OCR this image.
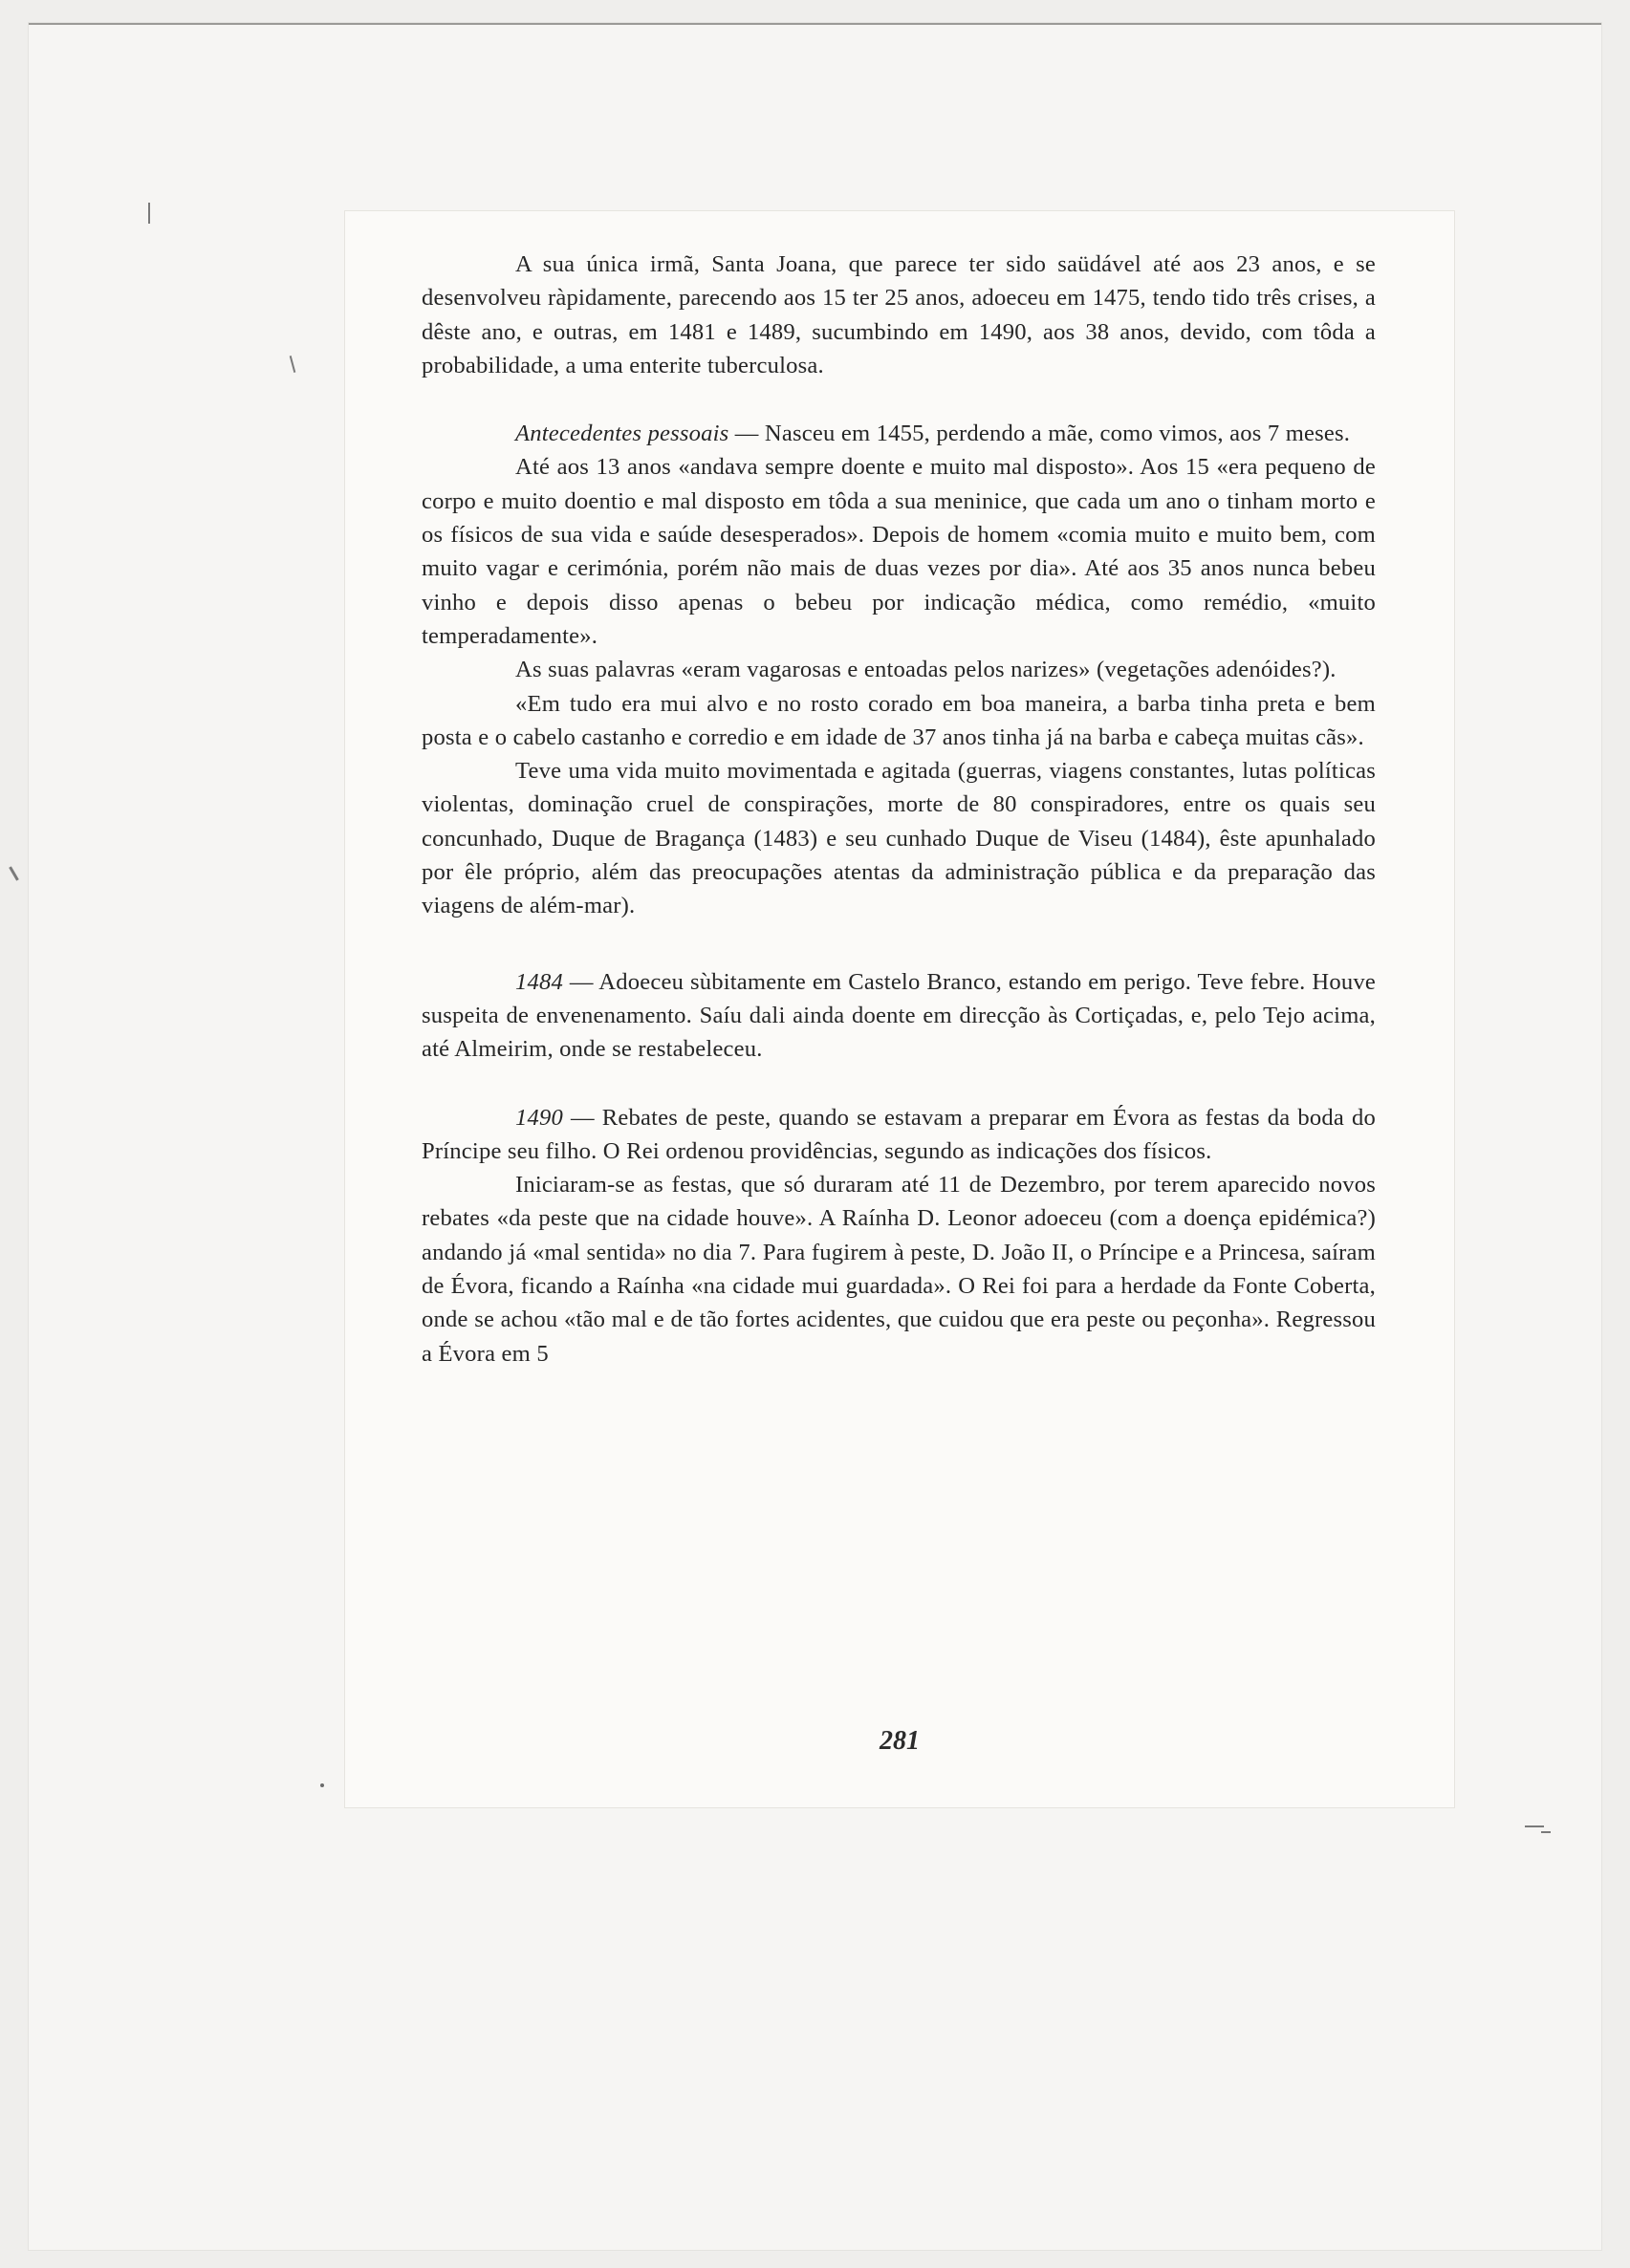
A sua única irmã, Santa Joana, que parece ter sido saüdável até aos 23 anos, e se desenvolveu ràpidamente, parecendo aos 15 ter 25 anos, adoeceu em 1475, tendo tido três crises, a dêste ano, e outras, em 1481 e 1489, sucumbindo em 1490, aos 38 anos, devido, com tôda a probabilidade, a uma enterite tuberculosa.

Antecedentes pessoais — Nasceu em 1455, perdendo a mãe, como vimos, aos 7 meses.

Até aos 13 anos «andava sempre doente e muito mal disposto». Aos 15 «era pequeno de corpo e muito doentio e mal disposto em tôda a sua meninice, que cada um ano o tinham morto e os físicos de sua vida e saúde desesperados». Depois de homem «comia muito e muito bem, com muito vagar e cerimónia, porém não mais de duas vezes por dia». Até aos 35 anos nunca bebeu vinho e depois disso apenas o bebeu por indicação médica, como remédio, «muito temperadamente».

As suas palavras «eram vagarosas e entoadas pelos narizes» (vegetações adenóides?).

«Em tudo era mui alvo e no rosto corado em boa maneira, a barba tinha preta e bem posta e o cabelo castanho e corredio e em idade de 37 anos tinha já na barba e cabeça muitas cãs».

Teve uma vida muito movimentada e agitada (guerras, viagens constantes, lutas políticas violentas, dominação cruel de conspirações, morte de 80 conspiradores, entre os quais seu concunhado, Duque de Bragança (1483) e seu cunhado Duque de Viseu (1484), êste apunhalado por êle próprio, além das preocupações atentas da administração pública e da preparação das viagens de além-mar).

1484 — Adoeceu sùbitamente em Castelo Branco, estando em perigo. Teve febre. Houve suspeita de envenenamento. Saíu dali ainda doente em direcção às Cortiçadas, e, pelo Tejo acima, até Almeirim, onde se restabeleceu.

1490 — Rebates de peste, quando se estavam a preparar em Évora as festas da boda do Príncipe seu filho. O Rei ordenou providências, segundo as indicações dos físicos.

Iniciaram-se as festas, que só duraram até 11 de Dezembro, por terem aparecido novos rebates «da peste que na cidade houve». A Raínha D. Leonor adoeceu (com a doença epidémica?) andando já «mal sentida» no dia 7. Para fugirem à peste, D. João II, o Príncipe e a Princesa, saíram de Évora, ficando a Raínha «na cidade mui guardada». O Rei foi para a herdade da Fonte Coberta, onde se achou «tão mal e de tão fortes acidentes, que cuidou que era peste ou peçonha». Regressou a Évora em 5

281
